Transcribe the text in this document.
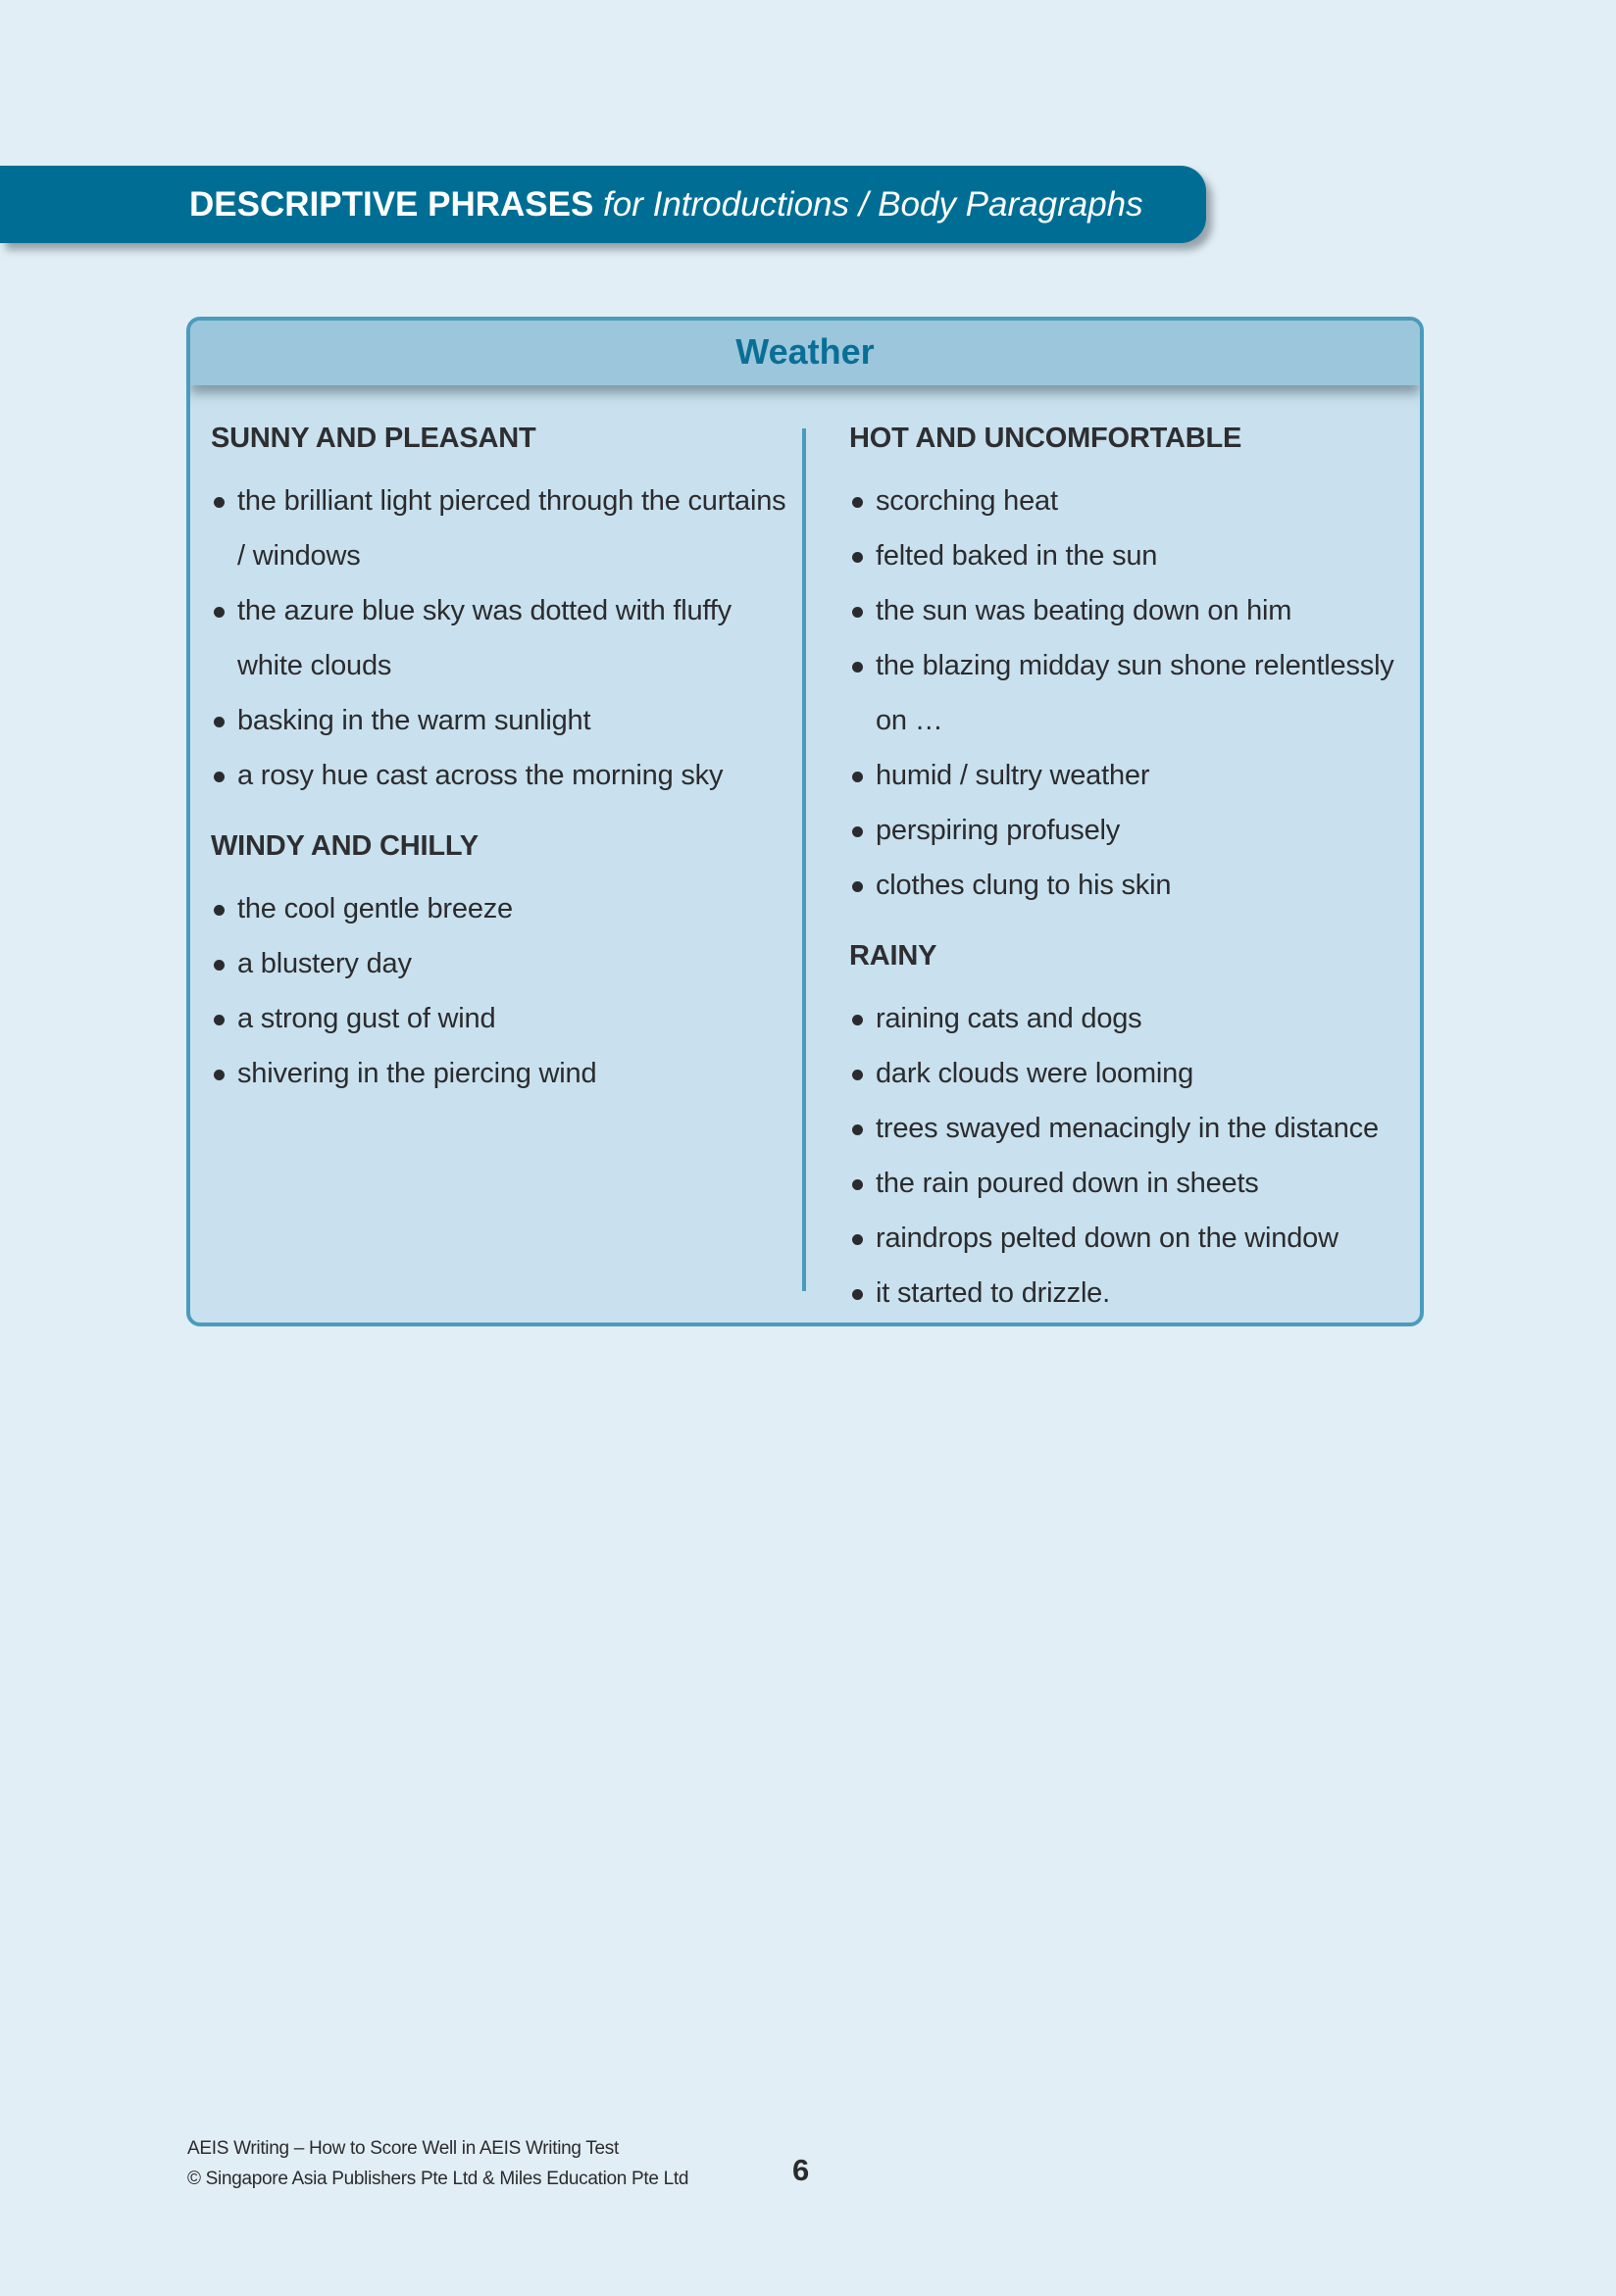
DESCRIPTIVE PHRASES for Introductions / Body Paragraphs
Weather
SUNNY AND PLEASANT
the brilliant light pierced through the curtains / windows
the azure blue sky was dotted with fluffy white clouds
basking in the warm sunlight
a rosy hue cast across the morning sky
WINDY AND CHILLY
the cool gentle breeze
a blustery day
a strong gust of wind
shivering in the piercing wind
HOT AND UNCOMFORTABLE
scorching heat
felted baked in the sun
the sun was beating down on him
the blazing midday sun shone relentlessly on …
humid / sultry weather
perspiring profusely
clothes clung to his skin
RAINY
raining cats and dogs
dark clouds were looming
trees swayed menacingly in the distance
the rain poured down in sheets
raindrops pelted down on the window
it started to drizzle.
AEIS Writing – How to Score Well in AEIS Writing Test
© Singapore Asia Publishers Pte Ltd & Miles Education Pte Ltd	6
